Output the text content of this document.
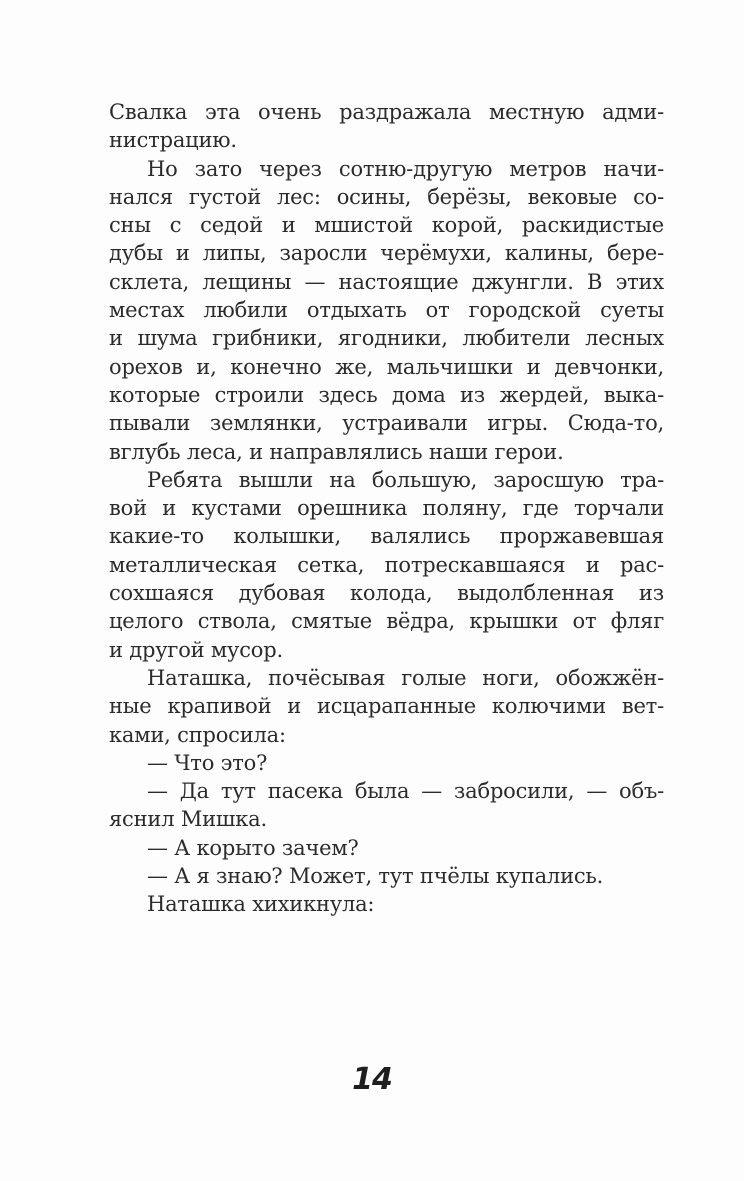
Свалка эта очень раздражала местную адми-
нистрацию.
Но зато через сотню-другую метров начи-
нался густой лес: осины, берёзы, вековые со-
сны с седой и мшистой корой, раскидистые
дубы и липы, заросли черёмухи, калины, бере-
склета, лещины — настоящие джунгли. В этих
местах любили отдыхать от городской суеты
и шума грибники, ягодники, любители лесных
орехов и, конечно же, мальчишки и девчонки,
которые строили здесь дома из жердей, выка-
пывали землянки, устраивали игры. Сюда-то,
вглубь леса, и направлялись наши герои.
Ребята вышли на большую, заросшую тра-
вой и кустами орешника поляну, где торчали
какие-то колышки, валялись проржавевшая
металлическая сетка, потрескавшаяся и рас-
сохшаяся дубовая колода, выдолбленная из
целого ствола, смятые вёдра, крышки от фляг
и другой мусор.
Наташка, почёсывая голые ноги, обожжён-
ные крапивой и исцарапанные колючими вет-
ками, спросила:
— Что это?
— Да тут пасека была — забросили, — объ-
яснил Мишка.
— А корыто зачем?
— А я знаю? Может, тут пчёлы купались.
Наташка хихикнула:
14
